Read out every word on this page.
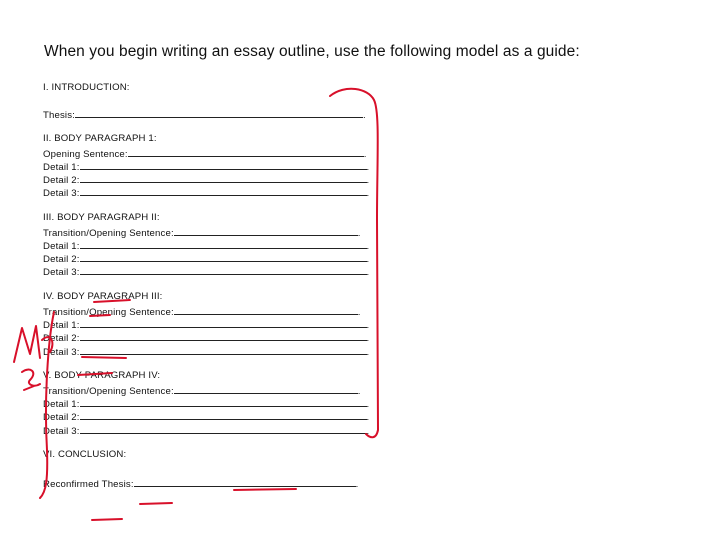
When you begin writing an essay outline, use the following model as a guide:
I. INTRODUCTION:
Thesis:	.
II. BODY PARAGRAPH 1:
Opening Sentence:	.
Detail 1:	.
Detail 2:	.
Detail 3:	.
III. BODY PARAGRAPH II:
Transition/Opening Sentence:	.
Detail 1:	.
Detail 2:	.
Detail 3:	.
IV. BODY PARAGRAPH III:
Transition/Opening Sentence:	.
Detail 1:	.
Detail 2:	.
Detail 3:	.
V. BODY PARAGRAPH IV:
Transition/Opening Sentence:	.
Detail 1:	.
Detail 2:	.
Detail 3:	.
VI. CONCLUSION:
Reconfirmed Thesis:	.
